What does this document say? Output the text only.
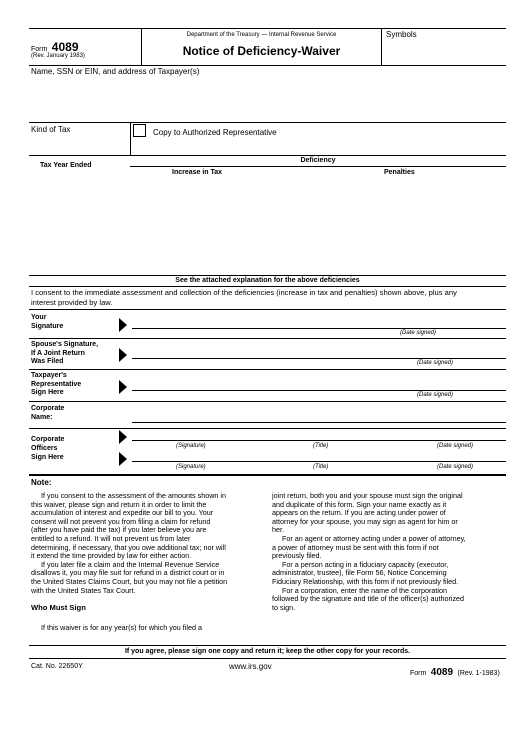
Form 4089
(Rev. January 1983)
Department of the Treasury — Internal Revenue Service
Notice of Deficiency-Waiver
Symbols
Name, SSN or EIN, and address of Taxpayer(s)
Kind of Tax	Copy to Authorized Representative
Deficiency
Tax Year Ended
Increase in Tax	Penalties
See the attached explanation for the above deficiencies
I consent to the immediate assessment and collection of the deficiencies (increase in tax and penalties) shown above, plus any
interest provided by law.
Your
Signature
(Date signed)
Spouse's Signature,
If A Joint Return
Was Filed	(Date signed)
Taxpayer's
Representative
Sign Here	(Date signed)
Corporate
Name:
Corporate
Officers
Sign Here
(Signature)	(Title)	(Date signed)
(Signature)	(Title)	(Date signed)
Note:
If you consent to the assessment of the amounts shown in
this waiver, please sign and return it in order to limit the
accumulation of interest and expedite our bill to you. Your
consent will not prevent you from filing a claim for refund
(after you have paid the tax) if you later believe you are
entitled to a refund. It will not prevent us from later
determining, if necessary, that you owe additional tax; nor will
it extend the time provided by law for either action.
If you later file a claim and the Internal Revenue Service
disallows it, you may file suit for refund in a district court or in
the United States Claims Court, but you may not file a petition
with the United States Tax Court.
Who Must Sign
If this waiver is for any year(s) for which you filed a
joint return, both you and your spouse must sign the original
and duplicate of this form. Sign your name exactly as it
appears on the return. If you are acting under power of
attorney for your spouse, you may sign as agent for him or
her.
For an agent or attorney acting under a power of attorney,
a power of attorney must be sent with this form if not
previously filed.
For a person acting in a fiduciary capacity (executor,
administrator, trustee), file Form 56, Notice Concerning
Fiduciary Relationship, with this form if not previously filed.
For a corporation, enter the name of the corporation
followed by the signature and title of the officer(s) authorized
to sign.
If you agree, please sign one copy and return it; keep the other copy for your records.
Cat. No. 22650Y	www.irs.gov
Form 4089 (Rev. 1-1983)
